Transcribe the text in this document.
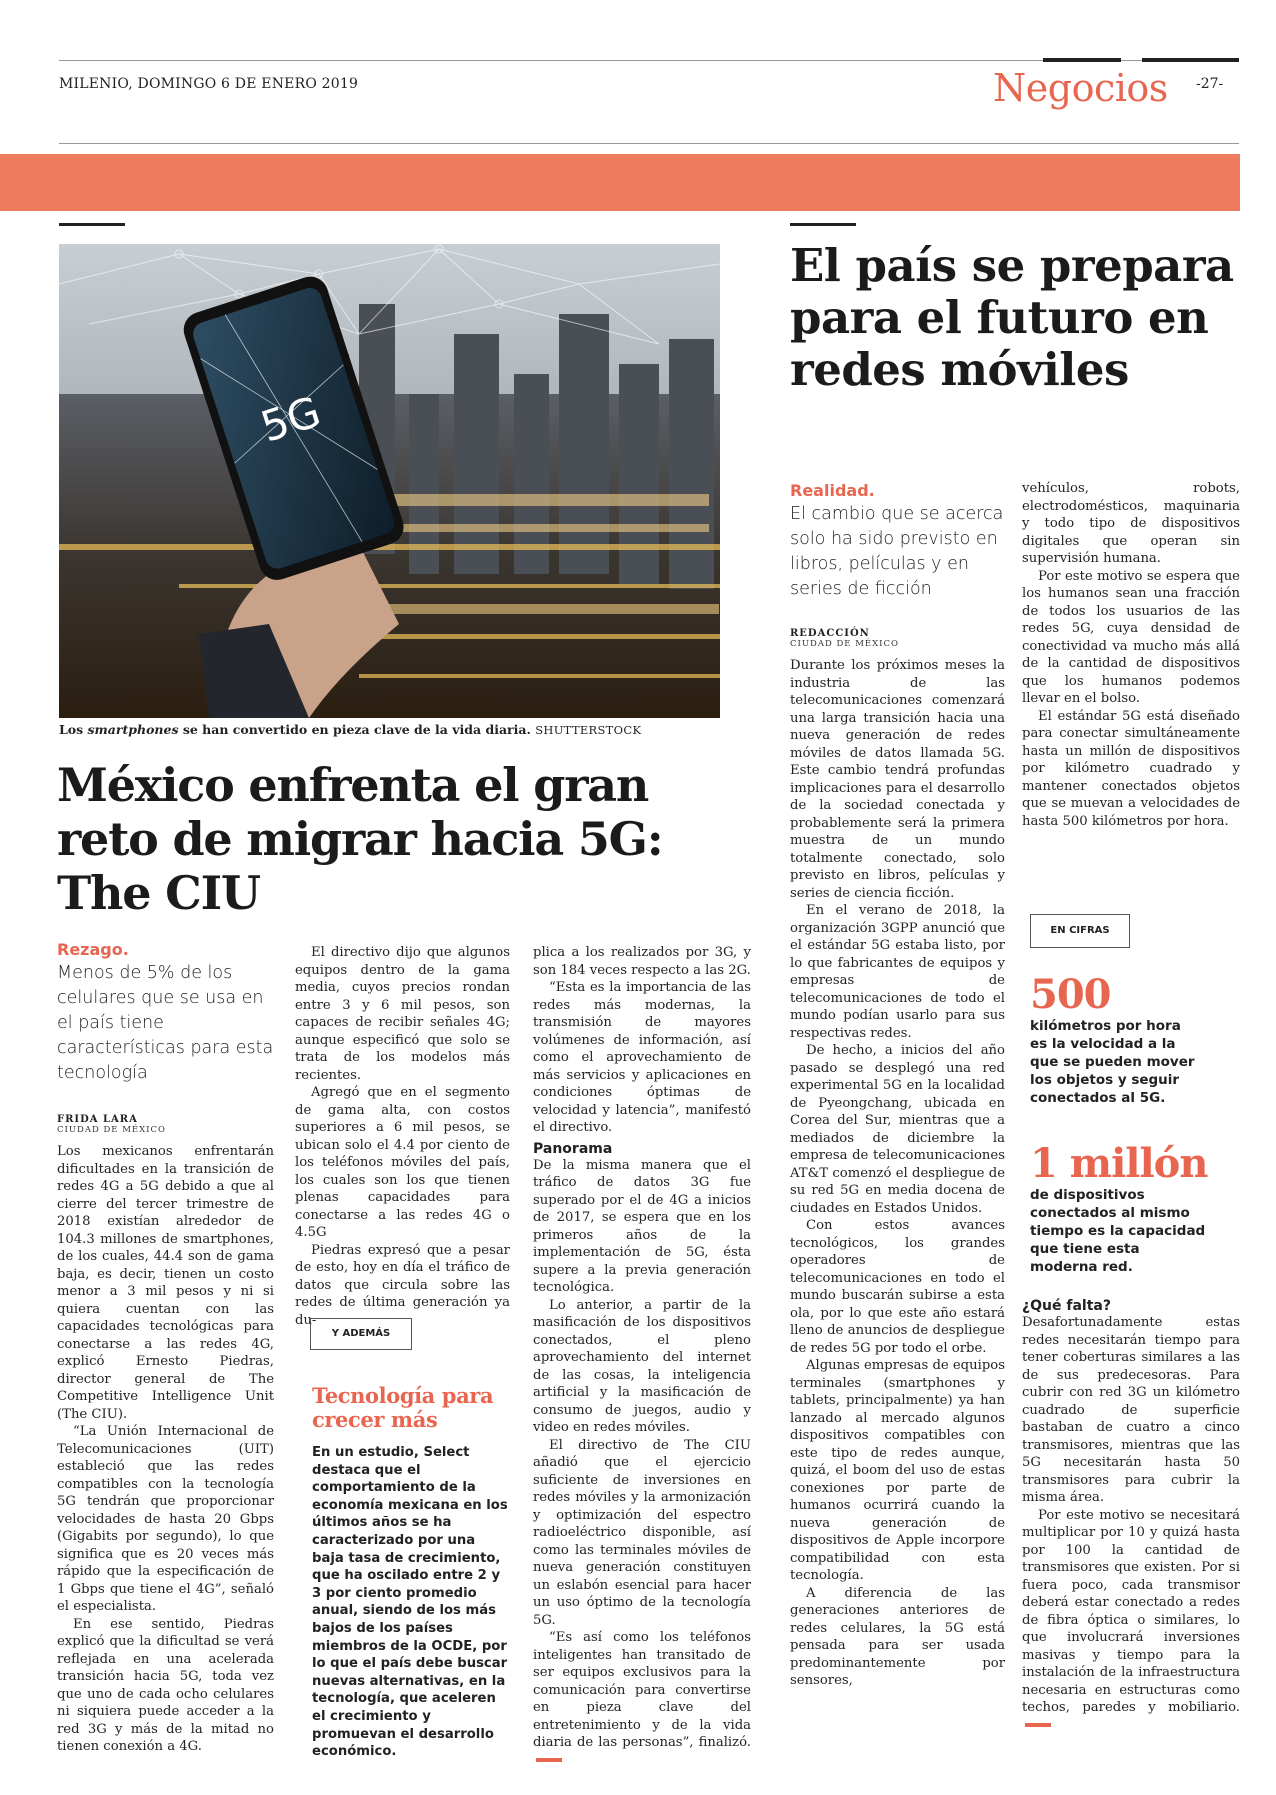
MILENIO, DOMINGO 6 DE ENERO 2019	Negocios -27-
5G
Los smartphones se han convertido en pieza clave de la vida diaria. SHUTTERSTOCK
México enfrenta el gran reto de migrar hacia 5G: The CIU
Rezago.
Menos de 5% de los celulares que se usa en el país tiene características para esta tecnología
FRIDA LARA
CIUDAD DE MÉXICO

Los mexicanos enfrentarán dificultades en la transición de redes 4G a 5G debido a que al cierre del tercer trimestre de 2018 existían alrededor de 104.3 millones de smartphones, de los cuales, 44.4 son de gama baja, es decir, tienen un costo menor a 3 mil pesos y ni si quiera cuentan con las capacidades tecnológicas para conectarse a las redes 4G, explicó Ernesto Piedras, director general de The Competitive Intelligence Unit (The CIU).

“La Unión Internacional de Telecomunicaciones (UIT) estableció que las redes compatibles con la tecnología 5G tendrán que proporcionar velocidades de hasta 20 Gbps (Gigabits por segundo), lo que significa que es 20 veces más rápido que la especificación de 1 Gbps que tiene el 4G”, señaló el especialista.

En ese sentido, Piedras explicó que la dificultad se verá reflejada en una acelerada transición hacia 5G, toda vez que uno de cada ocho celulares ni siquiera puede acceder a la red 3G y más de la mitad no tienen conexión a 4G.

El directivo dijo que algunos equipos dentro de la gama media, cuyos precios rondan entre 3 y 6 mil pesos, son capaces de recibir señales 4G; aunque especificó que solo se trata de los modelos más recientes.

Agregó que en el segmento de gama alta, con costos superiores a 6 mil pesos, se ubican solo el 4.4 por ciento de los teléfonos móviles del país, los cuales son los que tienen plenas capacidades para conectarse a las redes 4G o 4.5G

Piedras expresó que a pesar de esto, hoy en día el tráfico de datos que circula sobre las redes de última generación ya du-

Y ADEMÁS
Tecnología para crecer más
En un estudio, Select destaca que el comportamiento de la economía mexicana en los últimos años se ha caracterizado por una baja tasa de crecimiento, que ha oscilado entre 2 y 3 por ciento promedio anual, siendo de los más bajos de los países miembros de la OCDE, por lo que el país debe buscar nuevas alternativas, en la tecnología, que aceleren el crecimiento y promuevan el desarrollo económico.

plica a los realizados por 3G, y son 184 veces respecto a las 2G.

“Esta es la importancia de las redes más modernas, la transmisión de mayores volúmenes de información, así como el aprovechamiento de más servicios y aplicaciones en condiciones óptimas de velocidad y latencia”, manifestó el directivo.

Panorama

De la misma manera que el tráfico de datos 3G fue superado por el de 4G a inicios de 2017, se espera que en los primeros años de la implementación de 5G, ésta supere a la previa generación tecnológica.

Lo anterior, a partir de la masificación de los dispositivos conectados, el pleno aprovechamiento del internet de las cosas, la inteligencia artificial y la masificación de consumo de juegos, audio y video en redes móviles.

El directivo de The CIU añadió que el ejercicio suficiente de inversiones en redes móviles y la armonización y optimización del espectro radioeléctrico disponible, así como las terminales móviles de nueva generación constituyen un eslabón esencial para hacer un uso óptimo de la tecnología 5G.

“Es así como los teléfonos inteligentes han transitado de ser equipos exclusivos para la comunicación para convertirse en pieza clave del entretenimiento y de la vida diaria de las personas”, finalizó.

El país se prepara para el futuro en redes móviles
Realidad.
El cambio que se acerca solo ha sido previsto en libros, películas y en series de ficción
REDACCIÓN
CIUDAD DE MÉXICO

Durante los próximos meses la industria de las telecomunicaciones comenzará una larga transición hacia una nueva generación de redes móviles de datos llamada 5G. Este cambio tendrá profundas implicaciones para el desarrollo de la sociedad conectada y probablemente será la primera muestra de un mundo totalmente conectado, solo previsto en libros, películas y series de ciencia ficción.

En el verano de 2018, la organización 3GPP anunció que el estándar 5G estaba listo, por lo que fabricantes de equipos y empresas de telecomunicaciones de todo el mundo podían usarlo para sus respectivas redes.

De hecho, a inicios del año pasado se desplegó una red experimental 5G en la localidad de Pyeongchang, ubicada en Corea del Sur, mientras que a mediados de diciembre la empresa de telecomunicaciones AT&T comenzó el despliegue de su red 5G en media docena de ciudades en Estados Unidos.

Con estos avances tecnológicos, los grandes operadores de telecomunicaciones en todo el mundo buscarán subirse a esta ola, por lo que este año estará lleno de anuncios de despliegue de redes 5G por todo el orbe.

Algunas empresas de equipos terminales (smartphones y tablets, principalmente) ya han lanzado al mercado algunos dispositivos compatibles con este tipo de redes aunque, quizá, el boom del uso de estas conexiones por parte de humanos ocurrirá cuando la nueva generación de dispositivos de Apple incorpore compatibilidad con esta tecnología.

A diferencia de las generaciones anteriores de redes celulares, la 5G está pensada para ser usada predominantemente por sensores,

vehículos, robots, electrodomésticos, maquinaria y todo tipo de dispositivos digitales que operan sin supervisión humana.

Por este motivo se espera que los humanos sean una fracción de todos los usuarios de las redes 5G, cuya densidad de conectividad va mucho más allá de la cantidad de dispositivos que los humanos podemos llevar en el bolso.

El estándar 5G está diseñado para conectar simultáneamente hasta un millón de dispositivos por kilómetro cuadrado y mantener conectados objetos que se muevan a velocidades de hasta 500 kilómetros por hora.

EN CIFRAS
500
kilómetros por hora es la velocidad a la que se pueden mover los objetos y seguir conectados al 5G.
1 millón
de dispositivos conectados al mismo tiempo es la capacidad que tiene esta moderna red.
¿Qué falta?

Desafortunadamente estas redes necesitarán tiempo para tener coberturas similares a las de sus predecesoras. Para cubrir con red 3G un kilómetro cuadrado de superficie bastaban de cuatro a cinco transmisores, mientras que las 5G necesitarán hasta 50 transmisores para cubrir la misma área.

Por este motivo se necesitará multiplicar por 10 y quizá hasta por 100 la cantidad de transmisores que existen. Por si fuera poco, cada transmisor deberá estar conectado a redes de fibra óptica o similares, lo que involucrará inversiones masivas y tiempo para la instalación de la infraestructura necesaria en estructuras como techos, paredes y mobiliario.
